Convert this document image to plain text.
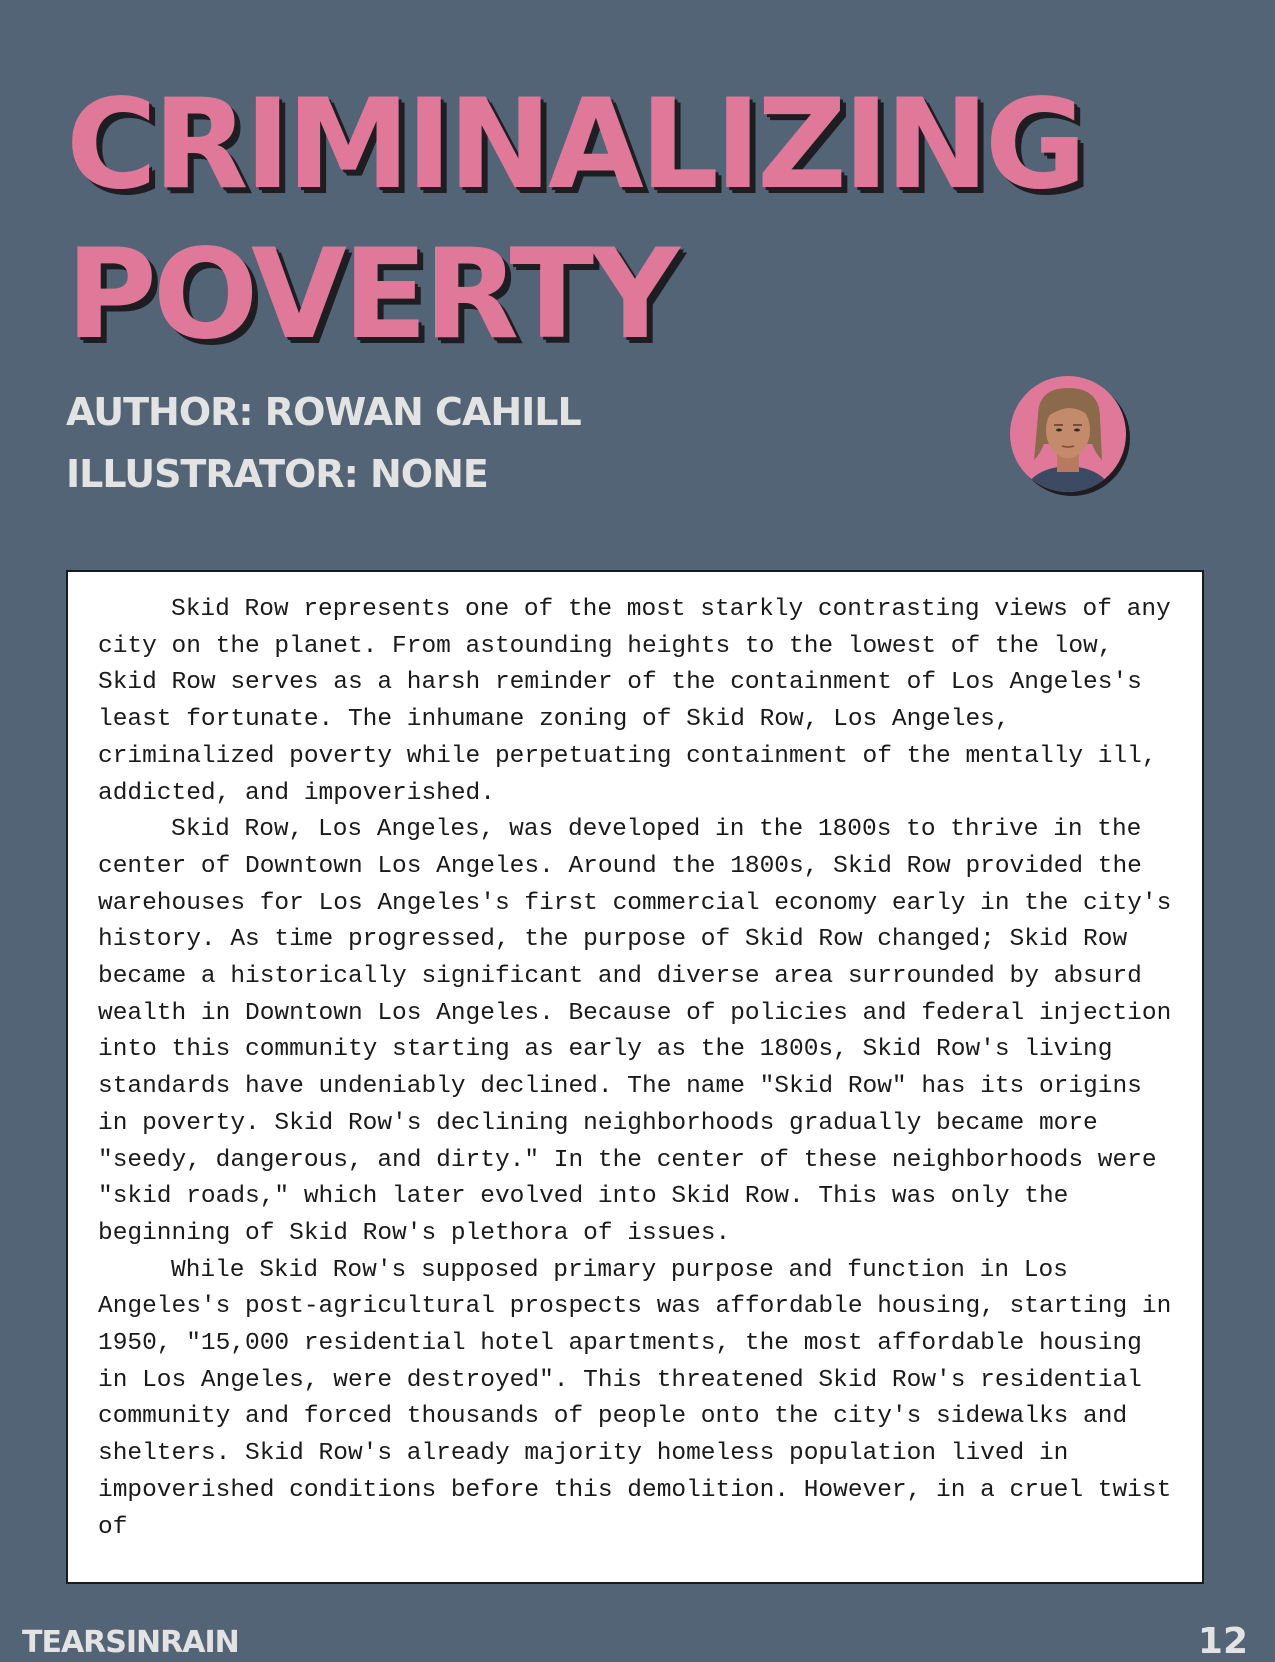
CRIMINALIZING
POVERTY

AUTHOR: ROWAN CAHILL

ILLUSTRATOR: NONE

Skid Row represents one of the most starkly contrasting views of any city on the planet. From astounding heights to the lowest of the low, Skid Row serves as a harsh reminder of the containment of Los Angeles's least fortunate. The inhumane zoning of Skid Row, Los Angeles, criminalized poverty while perpetuating containment of the mentally ill, addicted, and impoverished.

Skid Row, Los Angeles, was developed in the 1800s to thrive in the center of Downtown Los Angeles. Around the 1800s, Skid Row provided the warehouses for Los Angeles's first commercial economy early in the city's history. As time progressed, the purpose of Skid Row changed; Skid Row became a historically significant and diverse area surrounded by absurd wealth in Downtown Los Angeles. Because of policies and federal injection into this community starting as early as the 1800s, Skid Row's living standards have undeniably declined. The name "Skid Row" has its origins in poverty. Skid Row's declining neighborhoods gradually became more "seedy, dangerous, and dirty." In the center of these neighborhoods were "skid roads," which later evolved into Skid Row. This was only the beginning of Skid Row's plethora of issues.

While Skid Row's supposed primary purpose and function in Los Angeles's post-agricultural prospects was affordable housing, starting in 1950, "15,000 residential hotel apartments, the most affordable housing in Los Angeles, were destroyed". This threatened Skid Row's residential community and forced thousands of people onto the city's sidewalks and shelters. Skid Row's already majority homeless population lived in impoverished conditions before this demolition. However, in a cruel twist of

TEARSINRAIN	12
